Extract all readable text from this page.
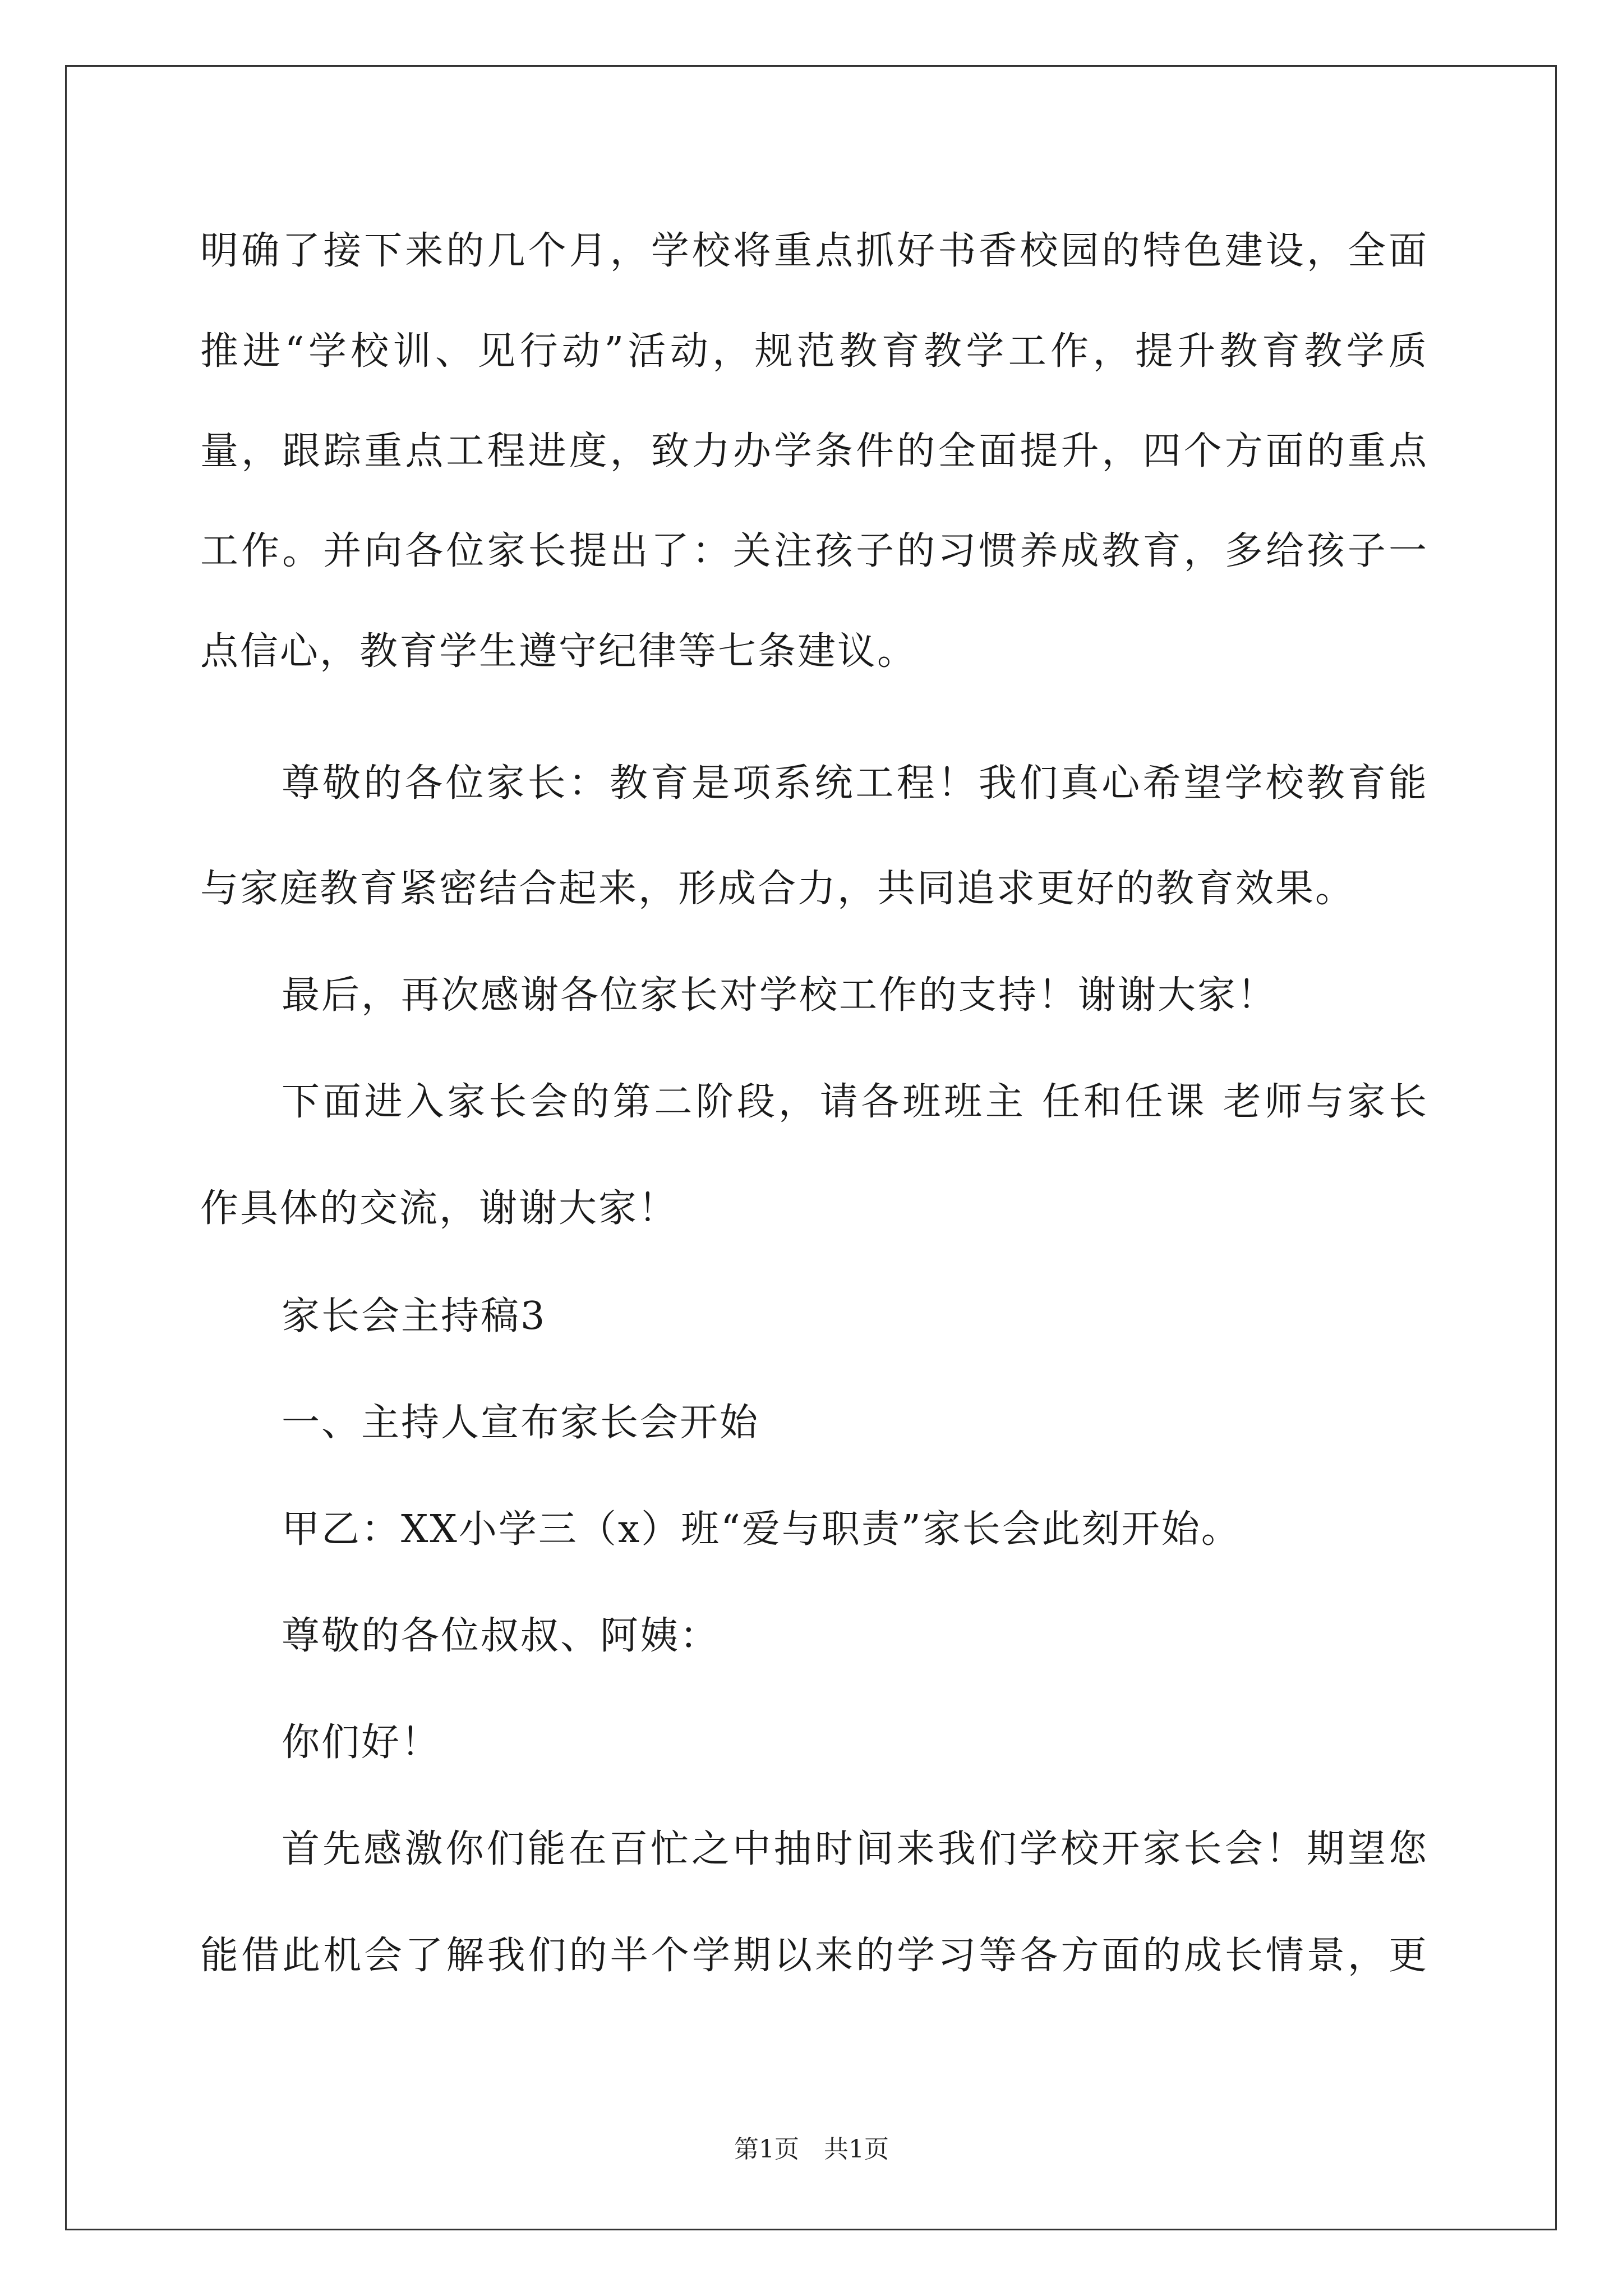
明确了接下来的几个月，学校将重点抓好书香校园的特色建设，全面
推进“学校训、见行动”活动，规范教育教学工作，提升教育教学质
量，跟踪重点工程进度，致力办学条件的全面提升，四个方面的重点
工作。并向各位家长提出了：关注孩子的习惯养成教育，多给孩子一
点信心，教育学生遵守纪律等七条建议。
尊敬的各位家长：教育是项系统工程！我们真心希望学校教育能
与家庭教育紧密结合起来，形成合力，共同追求更好的教育效果。
最后，再次感谢各位家长对学校工作的支持！谢谢大家！
下面进入家长会的第二阶段，请各班班主 任和任课 老师与家长
作具体的交流，谢谢大家！
家长会主持稿3
一、主持人宣布家长会开始
甲乙：XX小学三（x）班“爱与职责”家长会此刻开始。
尊敬的各位叔叔、阿姨：
你们好！
首先感激你们能在百忙之中抽时间来我们学校开家长会！期望您
能借此机会了解我们的半个学期以来的学习等各方面的成长情景，更
第1页　共1页
